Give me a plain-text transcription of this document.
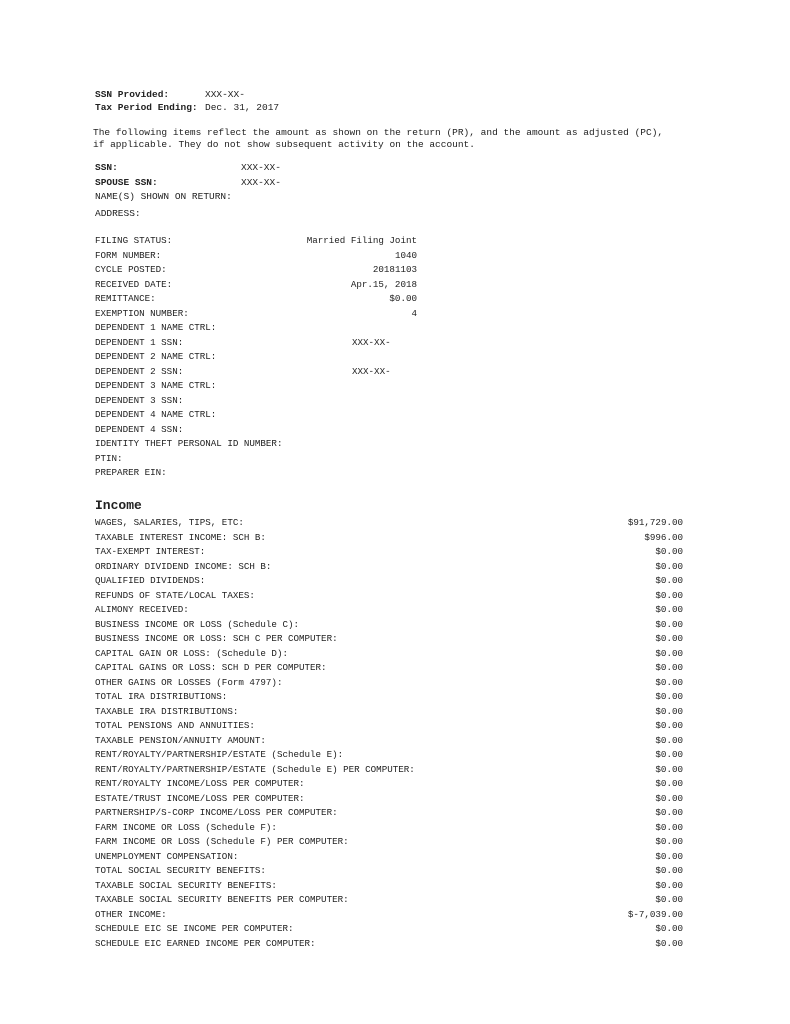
SSN Provided:	XXX-XX-
Tax Period Ending: Dec. 31, 2017
The following items reflect the amount as shown on the return (PR), and the amount as adjusted (PC), if applicable. They do not show subsequent activity on the account.
SSN:	XXX-XX-
SPOUSE SSN:	XXX-XX-
NAME(S) SHOWN ON RETURN:
ADDRESS:
FILING STATUS:	Married Filing Joint
FORM NUMBER:	1040
CYCLE POSTED:	20181103
RECEIVED DATE:	Apr.15, 2018
REMITTANCE:	$0.00
EXEMPTION NUMBER:	4
DEPENDENT 1 NAME CTRL:
DEPENDENT 1 SSN:	XXX-XX-
DEPENDENT 2 NAME CTRL:
DEPENDENT 2 SSN:	XXX-XX-
DEPENDENT 3 NAME CTRL:
DEPENDENT 3 SSN:
DEPENDENT 4 NAME CTRL:
DEPENDENT 4 SSN:
IDENTITY THEFT PERSONAL ID NUMBER:
PTIN:
PREPARER EIN:
Income
WAGES, SALARIES, TIPS, ETC:	$91,729.00
TAXABLE INTEREST INCOME: SCH B:	$996.00
TAX-EXEMPT INTEREST:	$0.00
ORDINARY DIVIDEND INCOME: SCH B:	$0.00
QUALIFIED DIVIDENDS:	$0.00
REFUNDS OF STATE/LOCAL TAXES:	$0.00
ALIMONY RECEIVED:	$0.00
BUSINESS INCOME OR LOSS (Schedule C):	$0.00
BUSINESS INCOME OR LOSS: SCH C PER COMPUTER:	$0.00
CAPITAL GAIN OR LOSS: (Schedule D):	$0.00
CAPITAL GAINS OR LOSS: SCH D PER COMPUTER:	$0.00
OTHER GAINS OR LOSSES (Form 4797):	$0.00
TOTAL IRA DISTRIBUTIONS:	$0.00
TAXABLE IRA DISTRIBUTIONS:	$0.00
TOTAL PENSIONS AND ANNUITIES:	$0.00
TAXABLE PENSION/ANNUITY AMOUNT:	$0.00
RENT/ROYALTY/PARTNERSHIP/ESTATE (Schedule E):	$0.00
RENT/ROYALTY/PARTNERSHIP/ESTATE (Schedule E) PER COMPUTER:	$0.00
RENT/ROYALTY INCOME/LOSS PER COMPUTER:	$0.00
ESTATE/TRUST INCOME/LOSS PER COMPUTER:	$0.00
PARTNERSHIP/S-CORP INCOME/LOSS PER COMPUTER:	$0.00
FARM INCOME OR LOSS (Schedule F):	$0.00
FARM INCOME OR LOSS (Schedule F) PER COMPUTER:	$0.00
UNEMPLOYMENT COMPENSATION:	$0.00
TOTAL SOCIAL SECURITY BENEFITS:	$0.00
TAXABLE SOCIAL SECURITY BENEFITS:	$0.00
TAXABLE SOCIAL SECURITY BENEFITS PER COMPUTER:	$0.00
OTHER INCOME:	$-7,039.00
SCHEDULE EIC SE INCOME PER COMPUTER:	$0.00
SCHEDULE EIC EARNED INCOME PER COMPUTER:	$0.00
